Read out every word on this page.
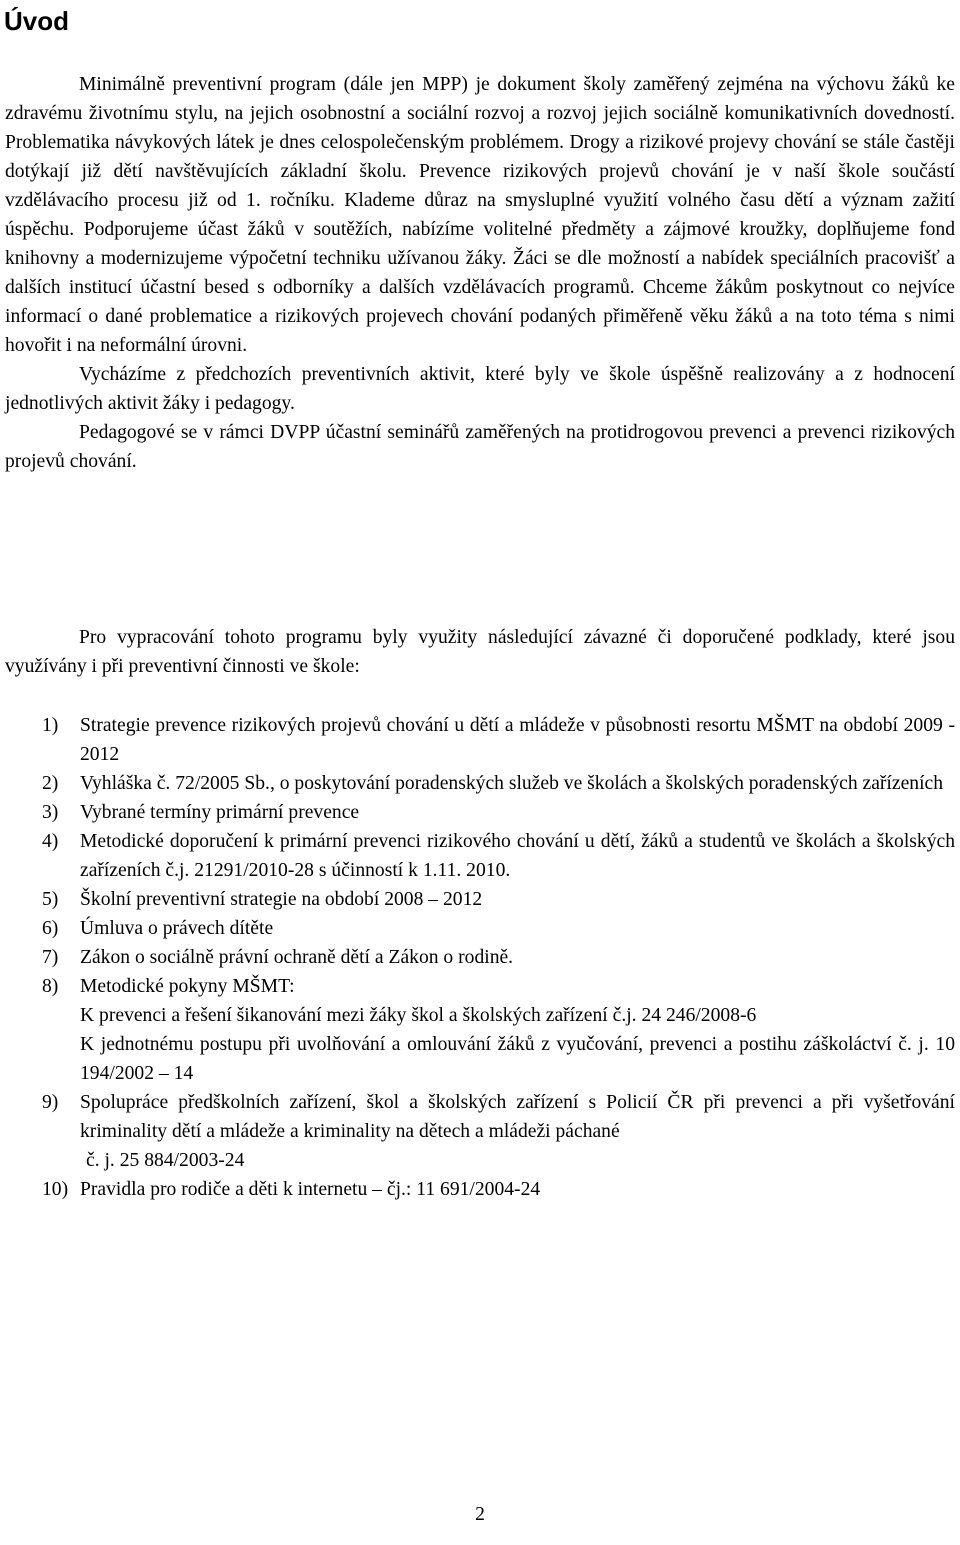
Úvod

Minimálně preventivní program (dále jen MPP) je dokument školy zaměřený zejména na výchovu žáků ke zdravému životnímu stylu, na jejich osobnostní a sociální rozvoj a rozvoj jejich sociálně komunikativních dovedností. Problematika návykových látek je dnes celospolečenským problémem. Drogy a rizikové projevy chování se stále častěji dotýkají již dětí navštěvujících základní školu. Prevence rizikových projevů chování je v naší škole součástí vzdělávacího procesu již od 1. ročníku. Klademe důraz na smysluplné využití volného času dětí a význam zažití úspěchu. Podporujeme účast žáků v soutěžích, nabízíme volitelné předměty a zájmové kroužky, doplňujeme fond knihovny a modernizujeme výpočetní techniku užívanou žáky. Žáci se dle možností a nabídek speciálních pracovišť a dalších institucí účastní besed s odborníky a dalších vzdělávacích programů. Chceme žákům poskytnout co nejvíce informací o dané problematice a rizikových projevech chování podaných přiměřeně věku žáků a na toto téma s nimi hovořit i na neformální úrovni.

Vycházíme z předchozích preventivních aktivit, které byly ve škole úspěšně realizovány a z hodnocení jednotlivých aktivit žáky i pedagogy.

Pedagogové se v rámci DVPP účastní seminářů zaměřených na protidrogovou prevenci a prevenci rizikových projevů chování.

Pro vypracování tohoto programu byly využity následující závazné či doporučené podklady, které jsou využívány i při preventivní činnosti ve škole:

1)	Strategie prevence rizikových projevů chování u dětí a mládeže v působnosti resortu MŠMT na období 2009 - 2012
2)	Vyhláška č. 72/2005 Sb., o poskytování poradenských služeb ve školách a školských poradenských zařízeních
3)	Vybrané termíny primární prevence
4)	Metodické doporučení k primární prevenci rizikového chování u dětí, žáků a studentů ve školách a školských zařízeních č.j. 21291/2010-28 s účinností k 1.11. 2010.
5)	Školní preventivní strategie na období 2008 – 2012
6)	Úmluva o právech dítěte
7)	Zákon o sociálně právní ochraně dětí a Zákon o rodině.
8)	Metodické pokyny MŠMT:
K prevenci a řešení šikanování mezi žáky škol a školských zařízení č.j. 24 246/2008-6
K jednotnému postupu při uvolňování a omlouvání žáků z vyučování, prevenci a postihu záškoláctví č. j. 10 194/2002 – 14
9)	Spolupráce předškolních zařízení, škol a školských zařízení s Policií ČR při prevenci a při vyšetřování kriminality dětí a mládeže a kriminality na dětech a mládeži páchané
č. j. 25 884/2003-24
10) Pravidla pro rodiče a děti k internetu – čj.: 11 691/2004-24
2
